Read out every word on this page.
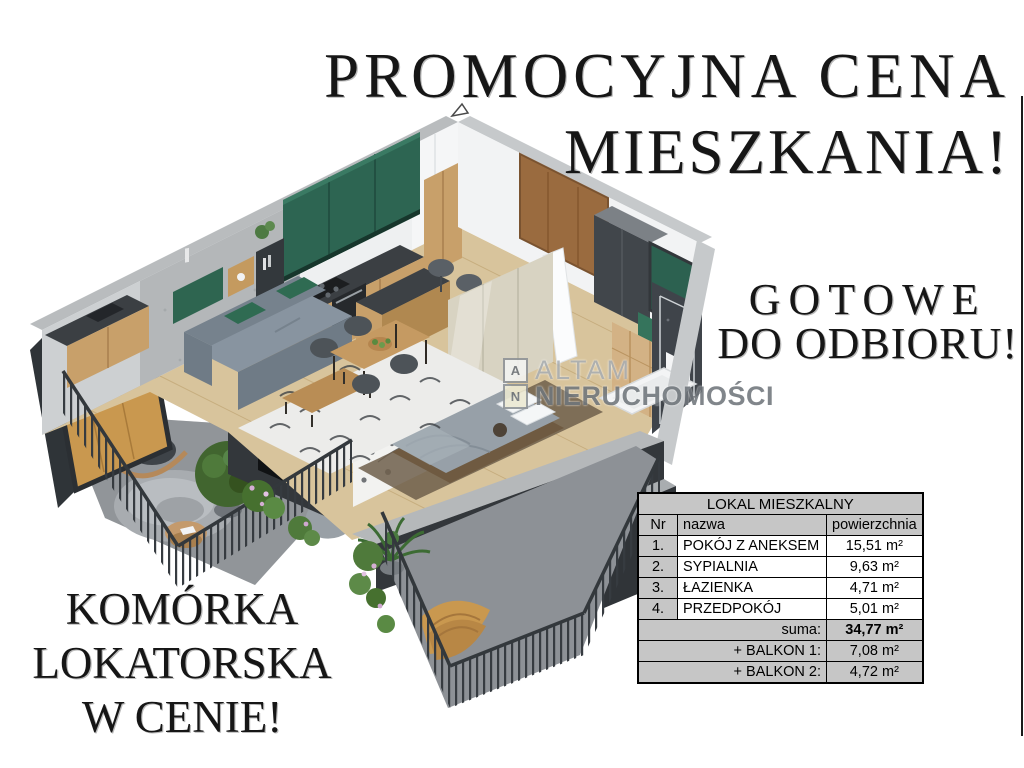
PROMOCYJNA CENA
MIESZKANIA!
GOTOWE
DO ODBIORU!
KOMÓRKA
LOKATORSKA
W CENIE!
A ALTAM
N NIERUCHOMOŚCI
LOKAL MIESZKALNY		
Nr	nazwa	powierzchnia
1.	POKÓJ Z ANEKSEM	15,51 m²
2.	SYPIALNIA	9,63 m²
3.	ŁAZIENKA	4,71 m²
4.	PRZEDPOKÓJ	5,01 m²
suma:		34,77 m²
+ BALKON 1:		7,08 m²
+ BALKON 2:		4,72 m²
